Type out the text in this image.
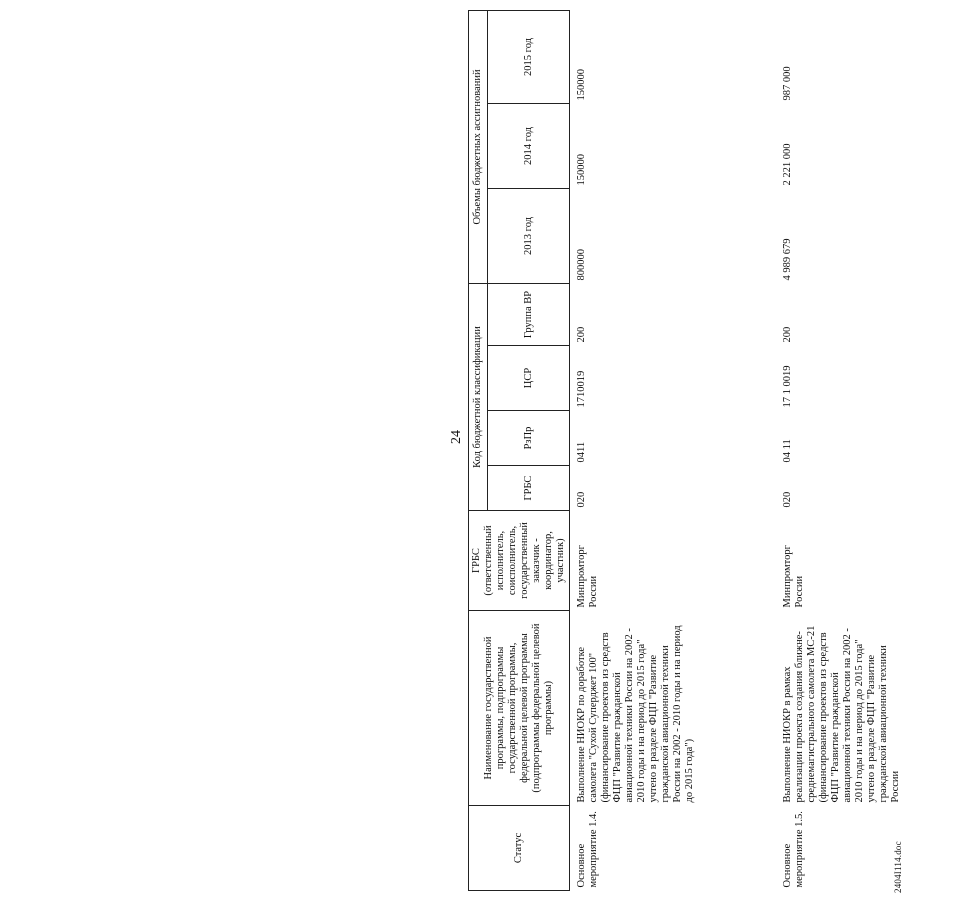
24
Статус	Наименование государственной программы, подпрограммы государственной программы, федеральной целевой программы (подпрограммы федеральной целевой программы)	ГРБС (ответственный исполнитель, соисполнитель, государственный заказчик - координатор, участник)	Код бюджетной классификации				Объемы бюджетных ассигнований		
			ГРБС	РзПр	ЦСР	Группа ВР	2013 год	2014 год	2015 год
Основное мероприятие 1.4.	Выполнение НИОКР по доработке самолета "Сухой Суперджет 100" (финансирование проектов из средств ФЦП "Развитие гражданской авиационной техники России на 2002 - 2010 годы и на период до 2015 года" учтено в разделе ФЦП "Развитие гражданской авиационной техники России на 2002 - 2010 годы и на период до 2015 года")	Минпромторг России	020	0411	1710019	200	800000	150000	150000
Основное мероприятие 1.5.	Выполнение НИОКР в рамках реализации проекта создания ближне-среднемагистрального самолета МС-21 (финансирование проектов из средств ФЦП "Развитие гражданской авиационной техники России на 2002 - 2010 годы и на период до 2015 года" учтено в разделе ФЦП "Развитие гражданской авиационной техники России	Минпромторг России	020	04 11	17 1 0019	200	4 989 679	2 221 000	987 000
2404І114.doc
